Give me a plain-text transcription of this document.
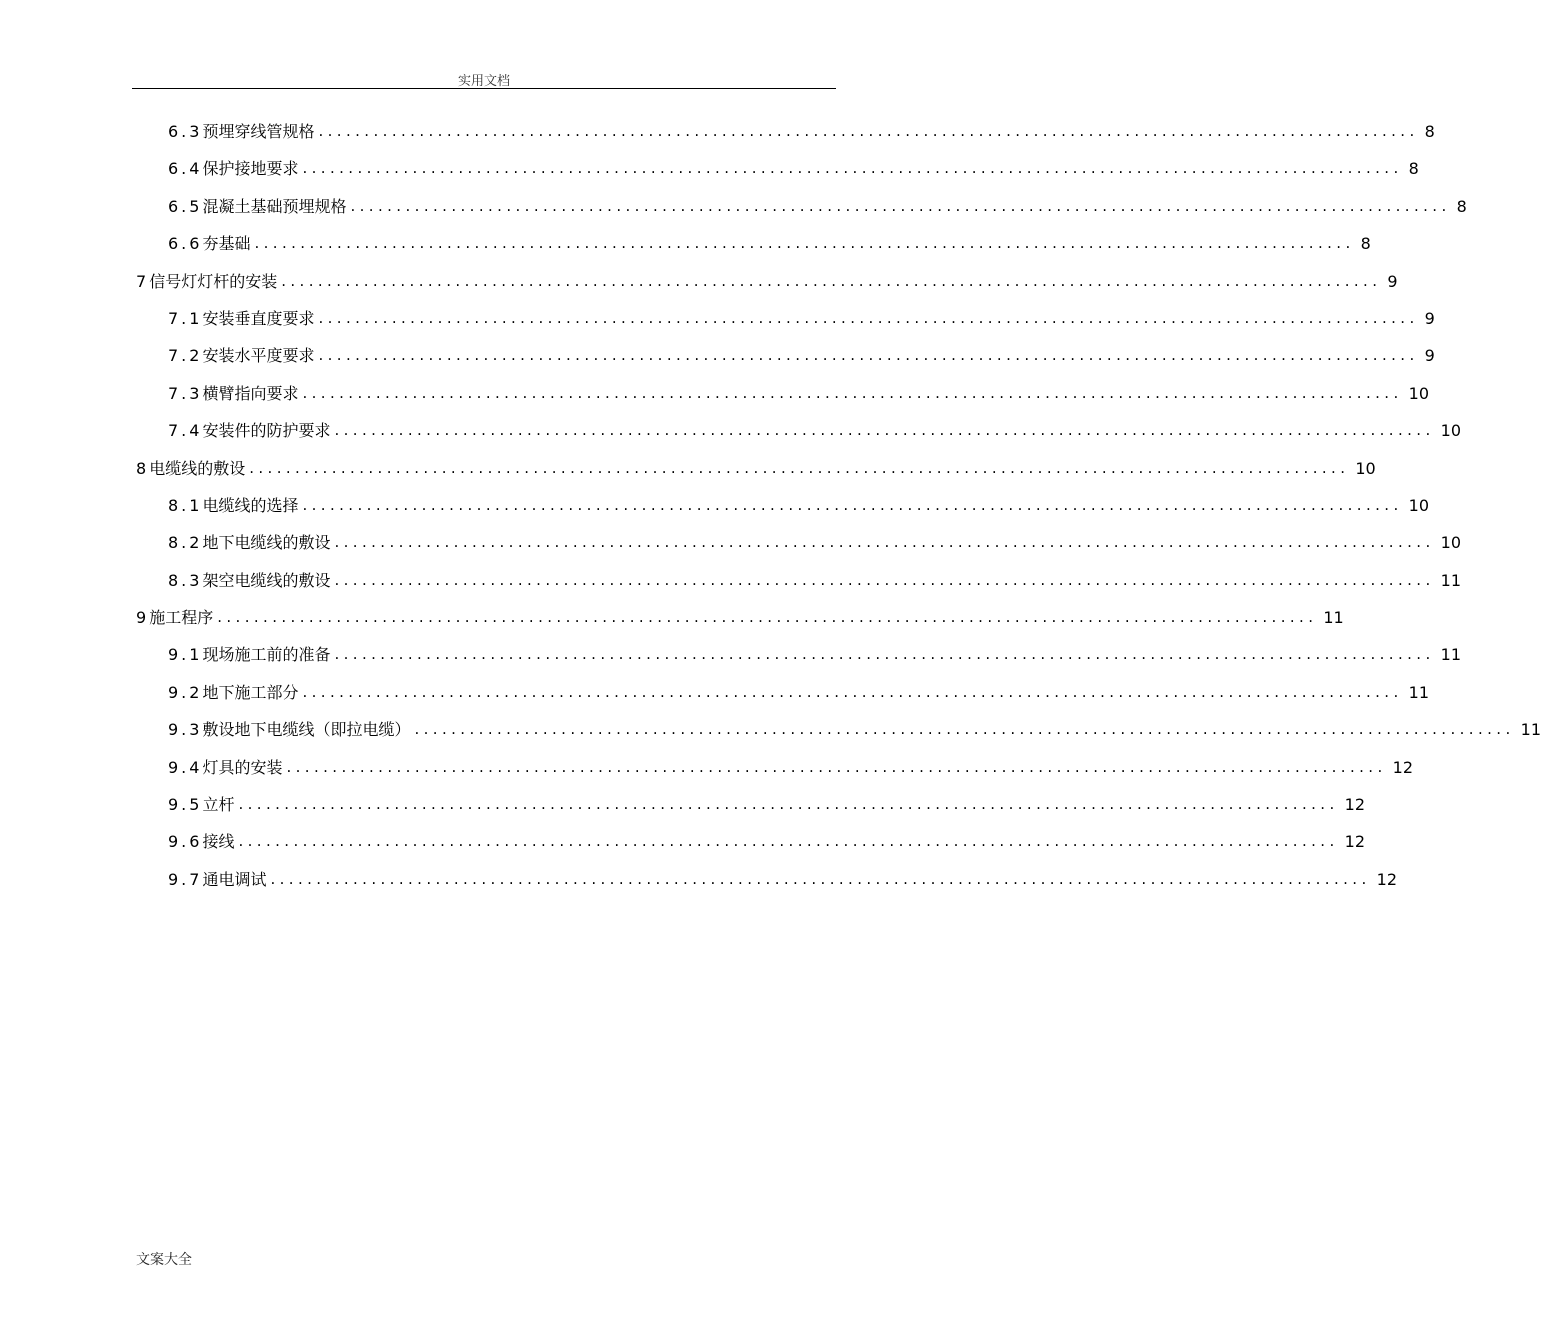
实用文档
6.3 预埋穿线管规格 ........................................................................................................................ 8
6.4 保护接地要求 ........................................................................................................................ 8
6.5 混凝土基础预埋规格 ........................................................................................................................ 8
6.6 夯基础 ........................................................................................................................ 8
7 信号灯灯杆的安装 ........................................................................................................................ 9
7.1 安装垂直度要求 ........................................................................................................................ 9
7.2 安装水平度要求 ........................................................................................................................ 9
7.3 横臂指向要求 ........................................................................................................................ 10
7.4 安装件的防护要求 ........................................................................................................................ 10
8 电缆线的敷设 ........................................................................................................................ 10
8.1 电缆线的选择 ........................................................................................................................ 10
8.2 地下电缆线的敷设 ........................................................................................................................ 10
8.3 架空电缆线的敷设 ........................................................................................................................ 11
9 施工程序 ........................................................................................................................ 11
9.1 现场施工前的准备 ........................................................................................................................ 11
9.2 地下施工部分 ........................................................................................................................ 11
9.3 敷设地下电缆线（即拉电缆） ........................................................................................................................ 11
9.4 灯具的安装 ........................................................................................................................ 12
9.5 立杆 ........................................................................................................................ 12
9.6 接线 ........................................................................................................................ 12
9.7 通电调试 ........................................................................................................................ 12
文案大全
